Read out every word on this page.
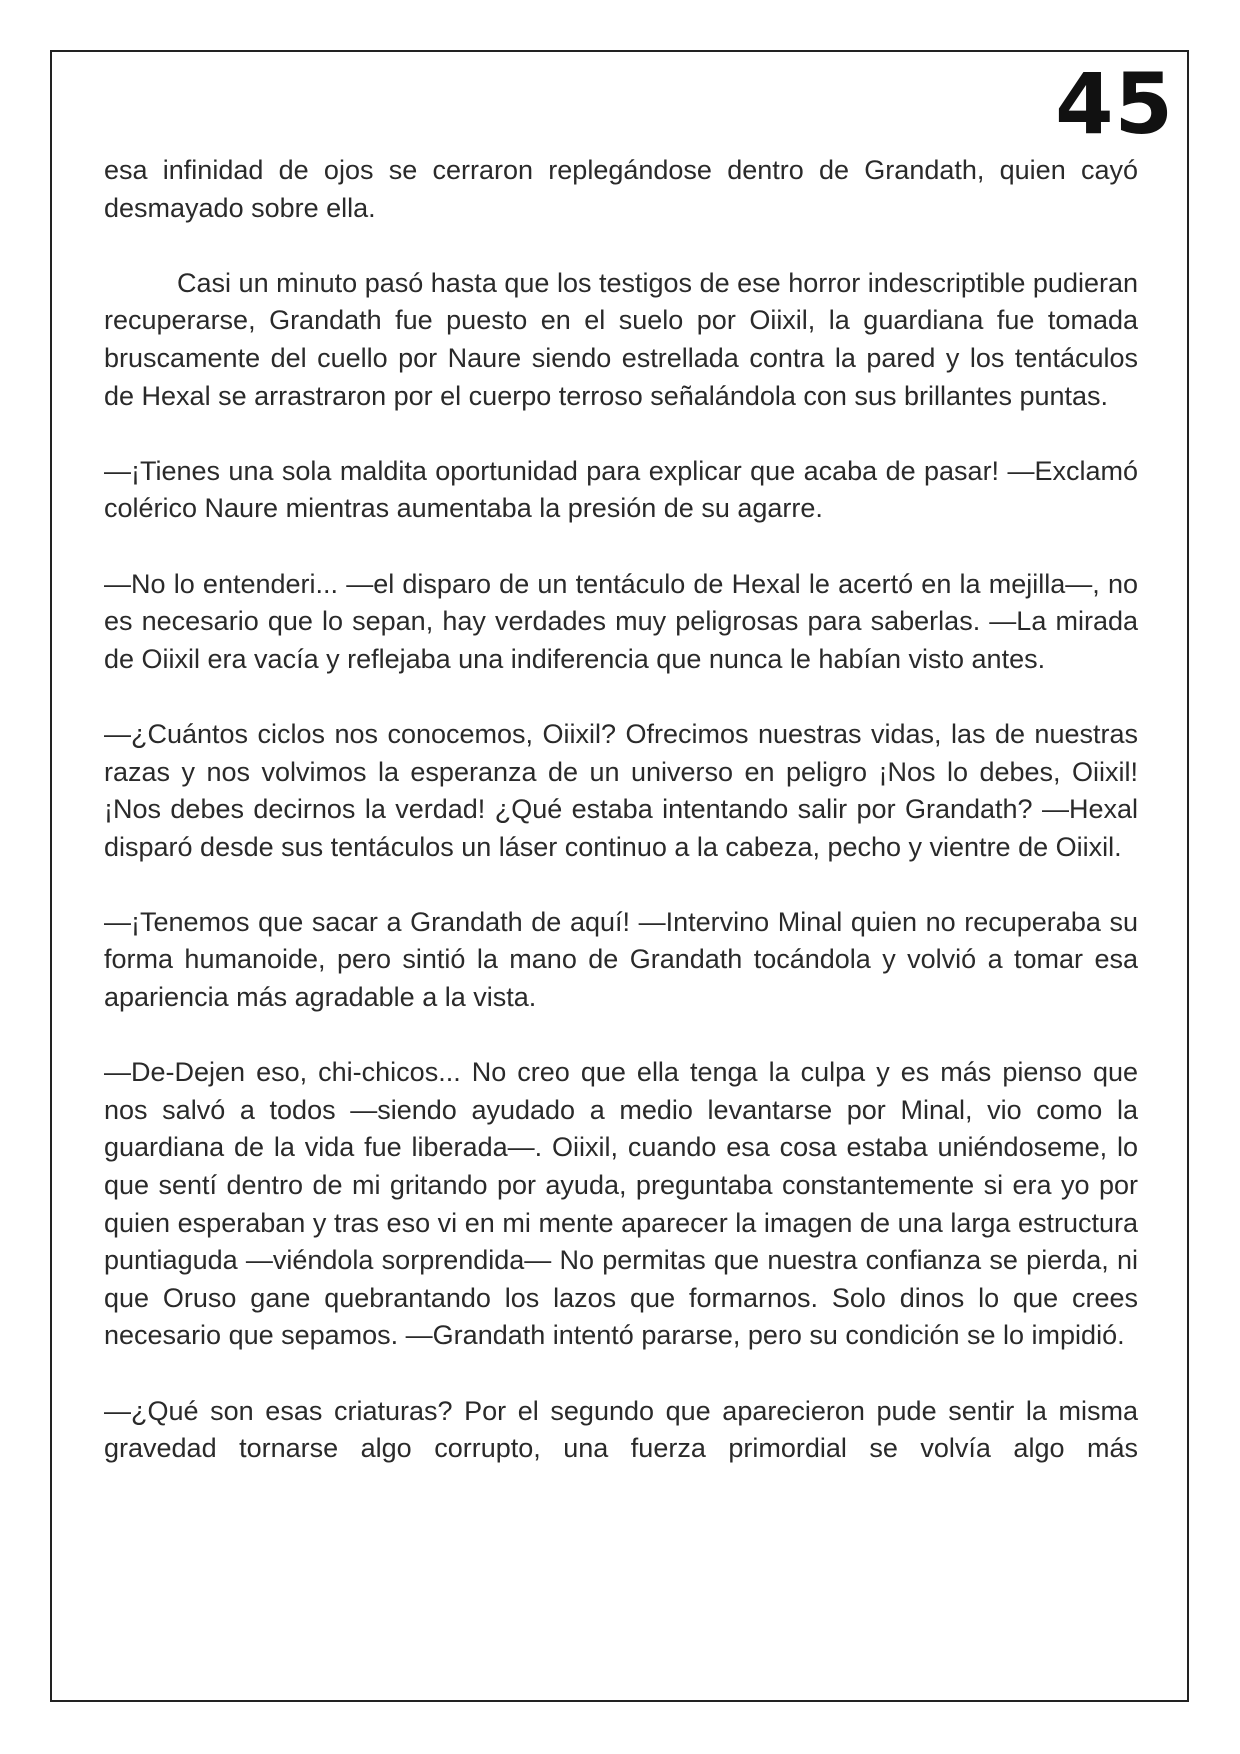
45

esa infinidad de ojos se cerraron replegándose dentro de Grandath, quien cayó desmayado sobre ella.

Casi un minuto pasó hasta que los testigos de ese horror indescriptible pudieran recuperarse, Grandath fue puesto en el suelo por Oiixil, la guardiana fue tomada bruscamente del cuello por Naure siendo estrellada contra la pared y los tentáculos de Hexal se arrastraron por el cuerpo terroso señalándola con sus brillantes puntas.

—¡Tienes una sola maldita oportunidad para explicar que acaba de pasar! —Exclamó colérico Naure mientras aumentaba la presión de su agarre.

—No lo entenderi... —el disparo de un tentáculo de Hexal le acertó en la mejilla—, no es necesario que lo sepan, hay verdades muy peligrosas para saberlas. —La mirada de Oiixil era vacía y reflejaba una indiferencia que nunca le habían visto antes.

—¿Cuántos ciclos nos conocemos, Oiixil? Ofrecimos nuestras vidas, las de nuestras razas y nos volvimos la esperanza de un universo en peligro ¡Nos lo debes, Oiixil! ¡Nos debes decirnos la verdad! ¿Qué estaba intentando salir por Grandath? —Hexal disparó desde sus tentáculos un láser continuo a la cabeza, pecho y vientre de Oiixil.

—¡Tenemos que sacar a Grandath de aquí! —Intervino Minal quien no recuperaba su forma humanoide, pero sintió la mano de Grandath tocándola y volvió a tomar esa apariencia más agradable a la vista.

—De-Dejen eso, chi-chicos... No creo que ella tenga la culpa y es más pienso que nos salvó a todos —siendo ayudado a medio levantarse por Minal, vio como la guardiana de la vida fue liberada—. Oiixil, cuando esa cosa estaba uniéndoseme, lo que sentí dentro de mi gritando por ayuda, preguntaba constantemente si era yo por quien esperaban y tras eso vi en mi mente aparecer la imagen de una larga estructura puntiaguda —viéndola sorprendida— No permitas que nuestra confianza se pierda, ni que Oruso gane quebrantando los lazos que formarnos. Solo dinos lo que crees necesario que sepamos. —Grandath intentó pararse, pero su condición se lo impidió.

—¿Qué son esas criaturas? Por el segundo que aparecieron pude sentir la misma gravedad tornarse algo corrupto, una fuerza primordial se volvía algo más
